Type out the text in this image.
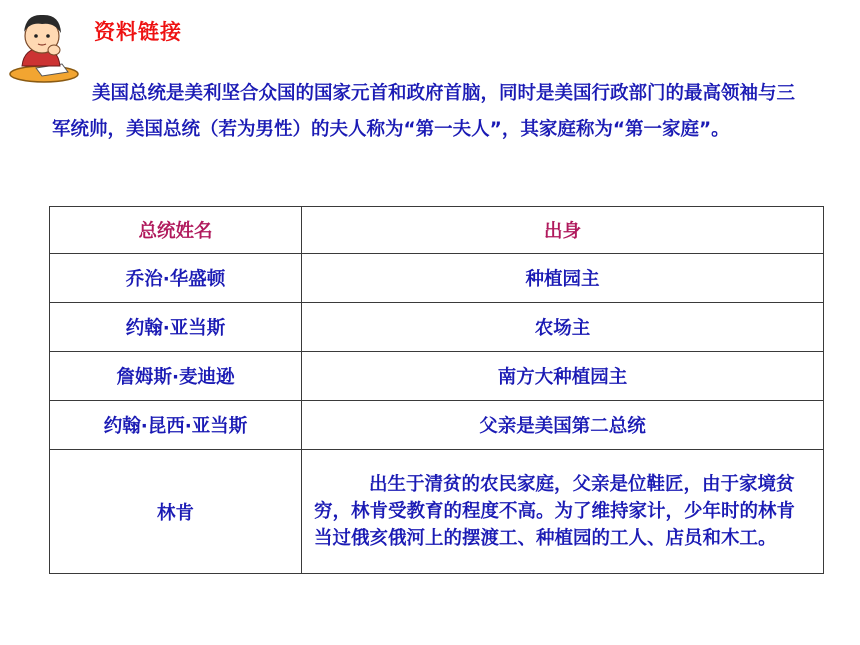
资料链接

美国总统是美利坚合众国的国家元首和政府首脑，同时是美国行政部门的最高领袖与三军统帅，美国总统（若为男性）的夫人称为“第一夫人”，其家庭称为“第一家庭”。

总统姓名	出身
乔治·华盛顿	种植园主
约翰·亚当斯	农场主
詹姆斯·麦迪逊	南方大种植园主
约翰·昆西·亚当斯	父亲是美国第二总统
林肯	出生于清贫的农民家庭，父亲是位鞋匠，由于家境贫穷，林肯受教育的程度不高。为了维持家计，少年时的林肯当过俄亥俄河上的摆渡工、种植园的工人、店员和木工。
